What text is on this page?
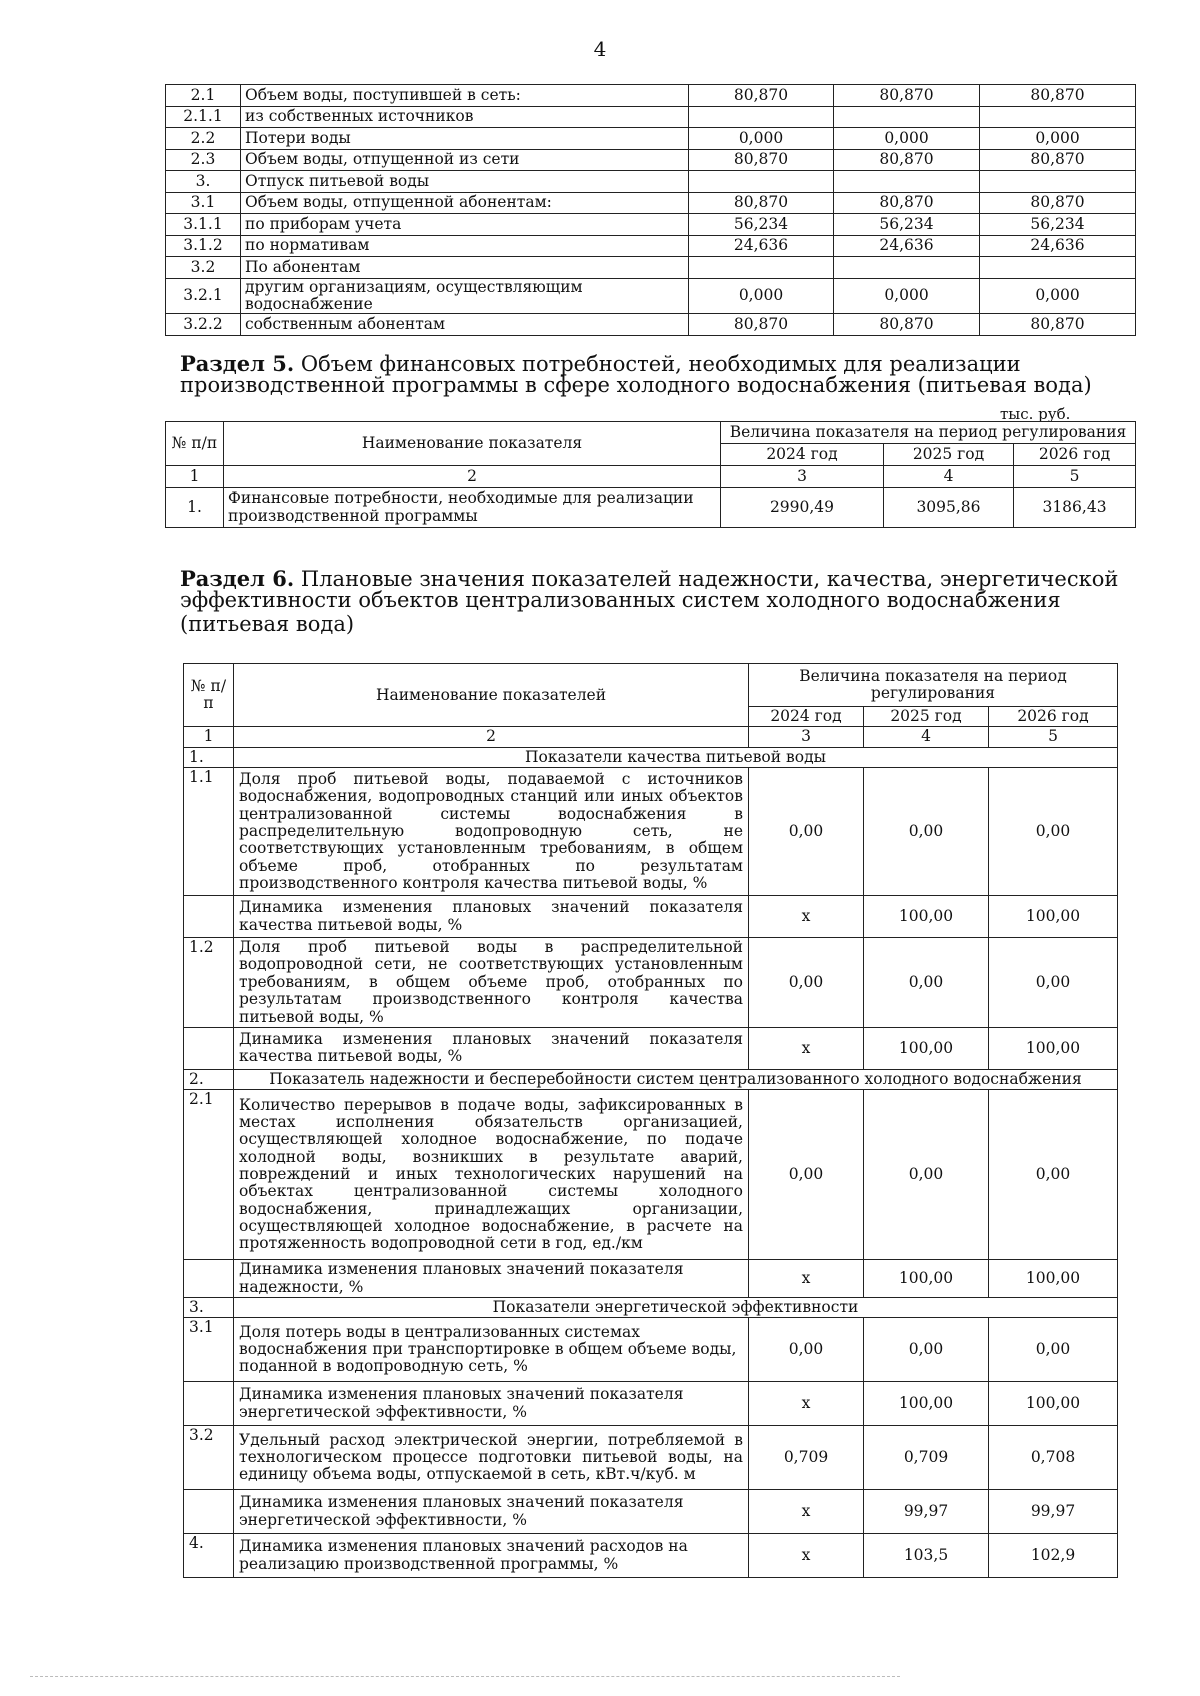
4
2.1	Объем воды, поступившей в сеть:	80,870	80,870	80,870
2.1.1	из собственных источников			
2.2	Потери воды	0,000	0,000	0,000
2.3	Объем воды, отпущенной из сети	80,870	80,870	80,870
3.	Отпуск питьевой воды			
3.1	Объем воды, отпущенной абонентам:	80,870	80,870	80,870
3.1.1	по приборам учета	56,234	56,234	56,234
3.1.2	по нормативам	24,636	24,636	24,636
3.2	По абонентам			
3.2.1	другим организациям, осуществляющим водоснабжение	0,000	0,000	0,000
3.2.2	собственным абонентам	80,870	80,870	80,870
Раздел 5. Объем финансовых потребностей, необходимых для реализации
производственной программы в сфере холодного водоснабжения (питьевая вода)
тыс. руб.
№ п/п	Наименование показателя	Величина показателя на период регулирования		
		2024 год	2025 год	2026 год
1	2	3	4	5
1.	Финансовые потребности, необходимые для реализации производственной программы	2990,49	3095,86	3186,43
Раздел 6. Плановые значения показателей надежности, качества, энергетической
эффективности объектов централизованных систем холодного водоснабжения (питьевая вода)
№ п/п	Наименование показателей	Величина показателя на период регулирования		
		2024 год	2025 год	2026 год
1	2	3	4	5
1.	Показатели качества питьевой воды			
1.1	Доля проб питьевой воды, подаваемой с источников водоснабжения, водопроводных станций или иных объектов централизованной системы водоснабжения в распределительную водопроводную сеть, не соответствующих установленным требованиям, в общем объеме проб, отобранных по результатам производственного контроля качества питьевой воды, %	0,00	0,00	0,00
	Динамика изменения плановых значений показателя качества питьевой воды, %	х	100,00	100,00
1.2	Доля проб питьевой воды в распределительной водопроводной сети, не соответствующих установленным требованиям, в общем объеме проб, отобранных по результатам производственного контроля качества питьевой воды, %	0,00	0,00	0,00
	Динамика изменения плановых значений показателя качества питьевой воды, %	х	100,00	100,00
2.	Показатель надежности и бесперебойности систем централизованного холодного водоснабжения			
2.1	Количество перерывов в подаче воды, зафиксированных в местах исполнения обязательств организацией, осуществляющей холодное водоснабжение, по подаче холодной воды, возникших в результате аварий, повреждений и иных технологических нарушений на объектах централизованной системы холодного водоснабжения, принадлежащих организации, осуществляющей холодное водоснабжение, в расчете на протяженность водопроводной сети в год, ед./км	0,00	0,00	0,00
	Динамика изменения плановых значений показателя надежности, %	х	100,00	100,00
3.	Показатели энергетической эффективности			
3.1	Доля потерь воды в централизованных системах водоснабжения при транспортировке в общем объеме воды, поданной в водопроводную сеть, %	0,00	0,00	0,00
	Динамика изменения плановых значений показателя энергетической эффективности, %	х	100,00	100,00
3.2	Удельный расход электрической энергии, потребляемой в технологическом процессе подготовки питьевой воды, на единицу объема воды, отпускаемой в сеть, кВт.ч/куб. м	0,709	0,709	0,708
	Динамика изменения плановых значений показателя энергетической эффективности, %	х	99,97	99,97
4.	Динамика изменения плановых значений расходов на реализацию производственной программы, %	х	103,5	102,9
